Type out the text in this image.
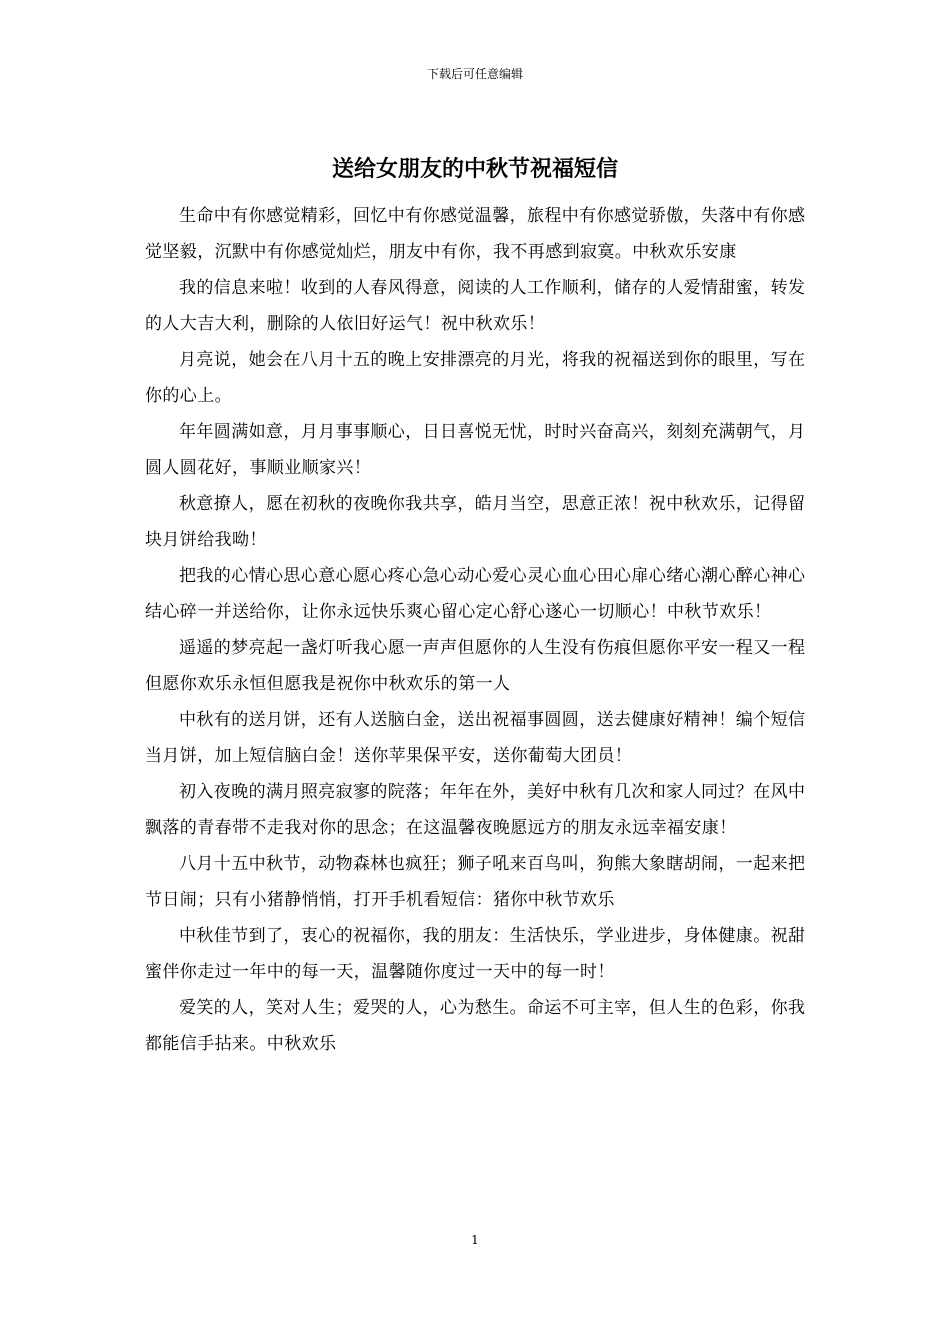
下载后可任意编辑
送给女朋友的中秋节祝福短信

生命中有你感觉精彩，回忆中有你感觉温馨，旅程中有你感觉骄傲，失落中有你感觉坚毅，沉默中有你感觉灿烂，朋友中有你，我不再感到寂寞。中秋欢乐安康

我的信息来啦！收到的人春风得意，阅读的人工作顺利，储存的人爱情甜蜜，转发的人大吉大利，删除的人依旧好运气！祝中秋欢乐！

月亮说，她会在八月十五的晚上安排漂亮的月光，将我的祝福送到你的眼里，写在你的心上。

年年圆满如意，月月事事顺心，日日喜悦无忧，时时兴奋高兴，刻刻充满朝气，月圆人圆花好，事顺业顺家兴！

秋意撩人，愿在初秋的夜晚你我共享，皓月当空，思意正浓！祝中秋欢乐，记得留块月饼给我呦！

把我的心情心思心意心愿心疼心急心动心爱心灵心血心田心扉心绪心潮心醉心神心结心碎一并送给你，让你永远快乐爽心留心定心舒心遂心一切顺心！中秋节欢乐！

遥遥的梦亮起一盏灯听我心愿一声声但愿你的人生没有伤痕但愿你平安一程又一程但愿你欢乐永恒但愿我是祝你中秋欢乐的第一人

中秋有的送月饼，还有人送脑白金，送出祝福事圆圆，送去健康好精神！编个短信当月饼，加上短信脑白金！送你苹果保平安，送你葡萄大团员！

初入夜晚的满月照亮寂寥的院落；年年在外，美好中秋有几次和家人同过？在风中飘落的青春带不走我对你的思念；在这温馨夜晚愿远方的朋友永远幸福安康！

八月十五中秋节，动物森林也疯狂；狮子吼来百鸟叫，狗熊大象瞎胡闹，一起来把节日闹；只有小猪静悄悄，打开手机看短信：猪你中秋节欢乐

中秋佳节到了，衷心的祝福你，我的朋友：生活快乐，学业进步，身体健康。祝甜蜜伴你走过一年中的每一天，温馨随你度过一天中的每一时！

爱笑的人，笑对人生；爱哭的人，心为愁生。命运不可主宰，但人生的色彩，你我都能信手拈来。中秋欢乐

1
